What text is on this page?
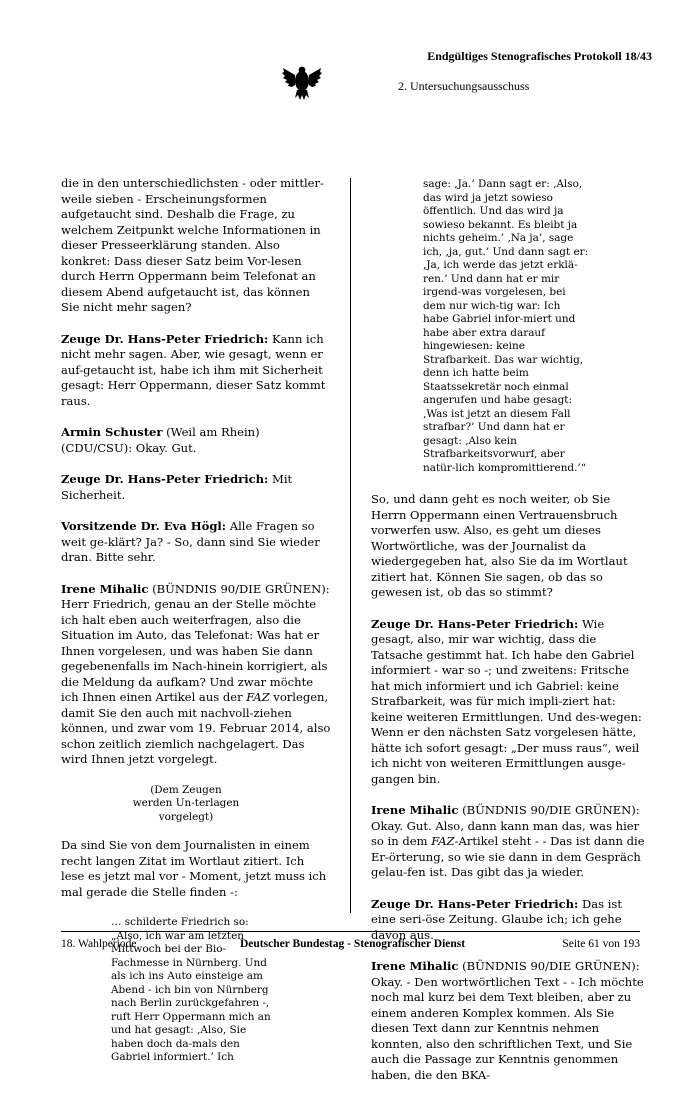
Endgültiges Stenografisches Protokoll 18/43
2. Untersuchungsausschuss

die in den unterschiedlichsten - oder mittler-weile sieben - Erscheinungsformen aufgetaucht sind. Deshalb die Frage, zu welchem Zeitpunkt welche Informationen in dieser Presseerklärung standen. Also konkret: Dass dieser Satz beim Vor-lesen durch Herrn Oppermann beim Telefonat an diesem Abend aufgetaucht ist, das können Sie nicht mehr sagen?

Zeuge Dr. Hans-Peter Friedrich: Kann ich nicht mehr sagen. Aber, wie gesagt, wenn er auf-getaucht ist, habe ich ihm mit Sicherheit gesagt: Herr Oppermann, dieser Satz kommt raus.

Armin Schuster (Weil am Rhein) (CDU/CSU): Okay. Gut.

Zeuge Dr. Hans-Peter Friedrich: Mit Sicherheit.

Vorsitzende Dr. Eva Högl: Alle Fragen so weit ge-klärt? Ja? - So, dann sind Sie wieder dran. Bitte sehr.

Irene Mihalic (BÜNDNIS 90/DIE GRÜNEN): Herr Friedrich, genau an der Stelle möchte ich halt eben auch weiterfragen, also die Situation im Auto, das Telefonat: Was hat er Ihnen vorgelesen, und was haben Sie dann gegebenenfalls im Nach-hinein korrigiert, als die Meldung da aufkam? Und zwar möchte ich Ihnen einen Artikel aus der FAZ vorlegen, damit Sie den auch mit nachvoll-ziehen können, und zwar vom 19. Februar 2014, also schon zeitlich ziemlich nachgelagert. Das wird Ihnen jetzt vorgelegt.

(Dem Zeugen werden Un-terlagen vorgelegt)

Da sind Sie von dem Journalisten in einem recht langen Zitat im Wortlaut zitiert. Ich lese es jetzt mal vor - Moment, jetzt muss ich mal gerade die Stelle finden -:

… schilderte Friedrich so: „Also, ich war am letzten Mittwoch bei der Bio-Fachmesse in Nürnberg. Und als ich ins Auto einsteige am Abend - ich bin von Nürnberg nach Berlin zurückgefahren -, ruft Herr Oppermann mich an und hat gesagt: ‚Also, Sie haben doch da-mals den Gabriel informiert.’ Ich
sage: ‚Ja.’ Dann sagt er: ‚Also, das wird ja jetzt sowieso öffentlich. Und das wird ja sowieso bekannt. Es bleibt ja nichts geheim.’ ‚Na ja’, sage ich, ‚ja, gut.’ Und dann sagt er: ‚Ja, ich werde das jetzt erklä-ren.’ Und dann hat er mir irgend-was vorgelesen, bei dem nur wich-tig war: Ich habe Gabriel infor-miert und habe aber extra darauf hingewiesen: keine Strafbarkeit. Das war wichtig, denn ich hatte beim Staatssekretär noch einmal angerufen und habe gesagt: ‚Was ist jetzt an diesem Fall strafbar?’ Und dann hat er gesagt: ‚Also kein Strafbarkeitsvorwurf, aber natür-lich kompromittierend.’“

So, und dann geht es noch weiter, ob Sie Herrn Oppermann einen Vertrauensbruch vorwerfen usw. Also, es geht um dieses Wortwörtliche, was der Journalist da wiedergegeben hat, also Sie da im Wortlaut zitiert hat. Können Sie sagen, ob das so gewesen ist, ob das so stimmt?

Zeuge Dr. Hans-Peter Friedrich: Wie gesagt, also, mir war wichtig, dass die Tatsache gestimmt hat. Ich habe den Gabriel informiert - war so -; und zweitens: Fritsche hat mich informiert und ich Gabriel: keine Strafbarkeit, was für mich impli-ziert hat: keine weiteren Ermittlungen. Und des-wegen: Wenn er den nächsten Satz vorgelesen hätte, hätte ich sofort gesagt: „Der muss raus“, weil ich nicht von weiteren Ermittlungen ausge-gangen bin.

Irene Mihalic (BÜNDNIS 90/DIE GRÜNEN): Okay. Gut. Also, dann kann man das, was hier so in dem FAZ-Artikel steht - - Das ist dann die Er-örterung, so wie sie dann in dem Gespräch gelau-fen ist. Das gibt das ja wieder.

Zeuge Dr. Hans-Peter Friedrich: Das ist eine seri-öse Zeitung. Glaube ich; ich gehe davon aus.

Irene Mihalic (BÜNDNIS 90/DIE GRÜNEN): Okay. - Den wortwörtlichen Text - - Ich möchte noch mal kurz bei dem Text bleiben, aber zu einem anderen Komplex kommen. Als Sie diesen Text dann zur Kenntnis nehmen konnten, also den schriftlichen Text, und Sie auch die Passage zur Kenntnis genommen haben, die den BKA-

18. Wahlperiode	Deutscher Bundestag - Stenografischer Dienst	Seite 61 von 193
